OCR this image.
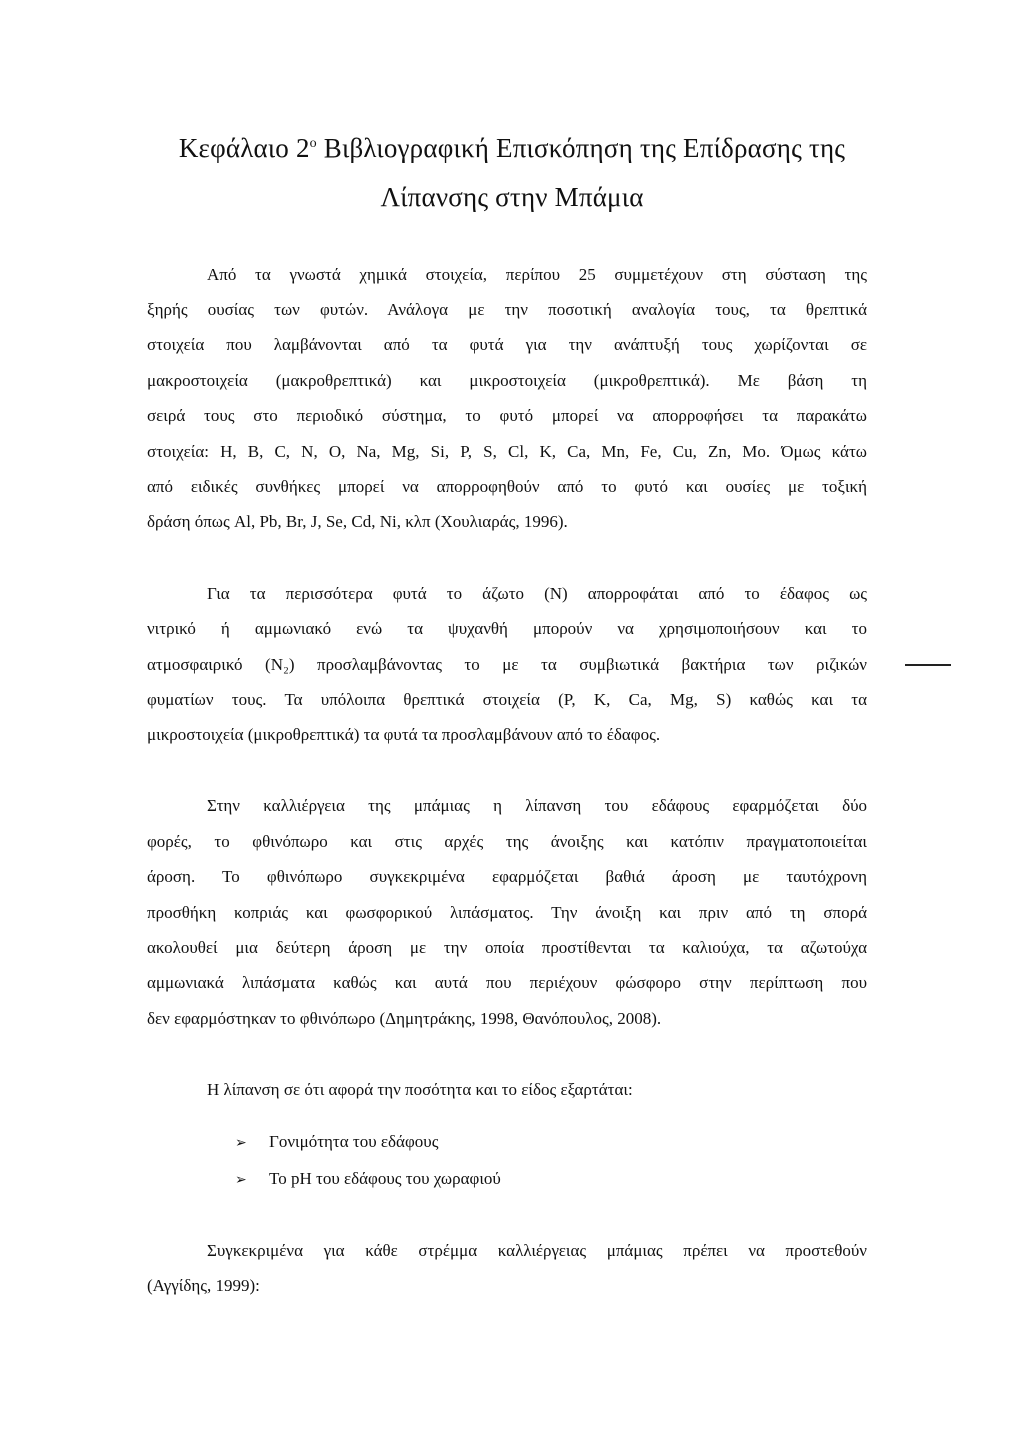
Κεφάλαιο $2^o$ Βιβλιογραφική Επισκόπηση της Επίδρασης της
Λίπανσης στην Μπάμια
Από τα γνωστά χημικά στοιχεία, περίπου 25 συμμετέχουν στη σύσταση της
ξηρής ουσίας των φυτών. Ανάλογα με την ποσοτική αναλογία τους, τα θρεπτικά
στοιχεία που λαμβάνονται από τα φυτά για την ανάπτυξή τους χωρίζονται σε
μακροστοιχεία (μακροθρεπτικά) και μικροστοιχεία (μικροθρεπτικά). Με βάση τη
σειρά τους στο περιοδικό σύστημα, το φυτό μπορεί να απορροφήσει τα παρακάτω
στοιχεία: H, B, C, N, O, Na, Mg, Si, P, S, Cl, K, Ca, Mn, Fe, Cu, Zn, Mo. Όμως κάτω
από ειδικές συνθήκες μπορεί να απορροφηθούν από το φυτό και ουσίες με τοξική
δράση όπως Al, Pb, Br, J, Se, Cd, Ni, κλπ (Χουλιαράς, 1996).
Για τα περισσότερα φυτά το άζωτο (N) απορροφάται από το έδαφος ως
νιτρικό ή αμμωνιακό ενώ τα ψυχανθή μπορούν να χρησιμοποιήσουν και το
ατμοσφαιρικό (N₂) προσλαμβάνοντας το με τα συμβιωτικά βακτήρια των ριζικών
φυματίων τους. Τα υπόλοιπα θρεπτικά στοιχεία (P, K, Ca, Mg, S) καθώς και τα
μικροστοιχεία (μικροθρεπτικά) τα φυτά τα προσλαμβάνουν από το έδαφος.
Στην καλλιέργεια της μπάμιας η λίπανση του εδάφους εφαρμόζεται δύο
φορές, το φθινόπωρο και στις αρχές της άνοιξης και κατόπιν πραγματοποιείται
άροση. Το φθινόπωρο συγκεκριμένα εφαρμόζεται βαθιά άροση με ταυτόχρονη
προσθήκη κοπριάς και φωσφορικού λιπάσματος. Την άνοιξη και πριν από τη σπορά
ακολουθεί μια δεύτερη άροση με την οποία προστίθενται τα καλιούχα, τα αζωτούχα
αμμωνιακά λιπάσματα καθώς και αυτά που περιέχουν φώσφορο στην περίπτωση που
δεν εφαρμόστηκαν το φθινόπωρο (Δημητράκης, 1998, Θανόπουλος, 2008).
Η λίπανση σε ότι αφορά την ποσότητα και το είδος εξαρτάται:
➢ Γονιμότητα του εδάφους
➢ Το pH του εδάφους του χωραφιού
Συγκεκριμένα για κάθε στρέμμα καλλιέργειας μπάμιας πρέπει να προστεθούν
(Αγγίδης, 1999):
